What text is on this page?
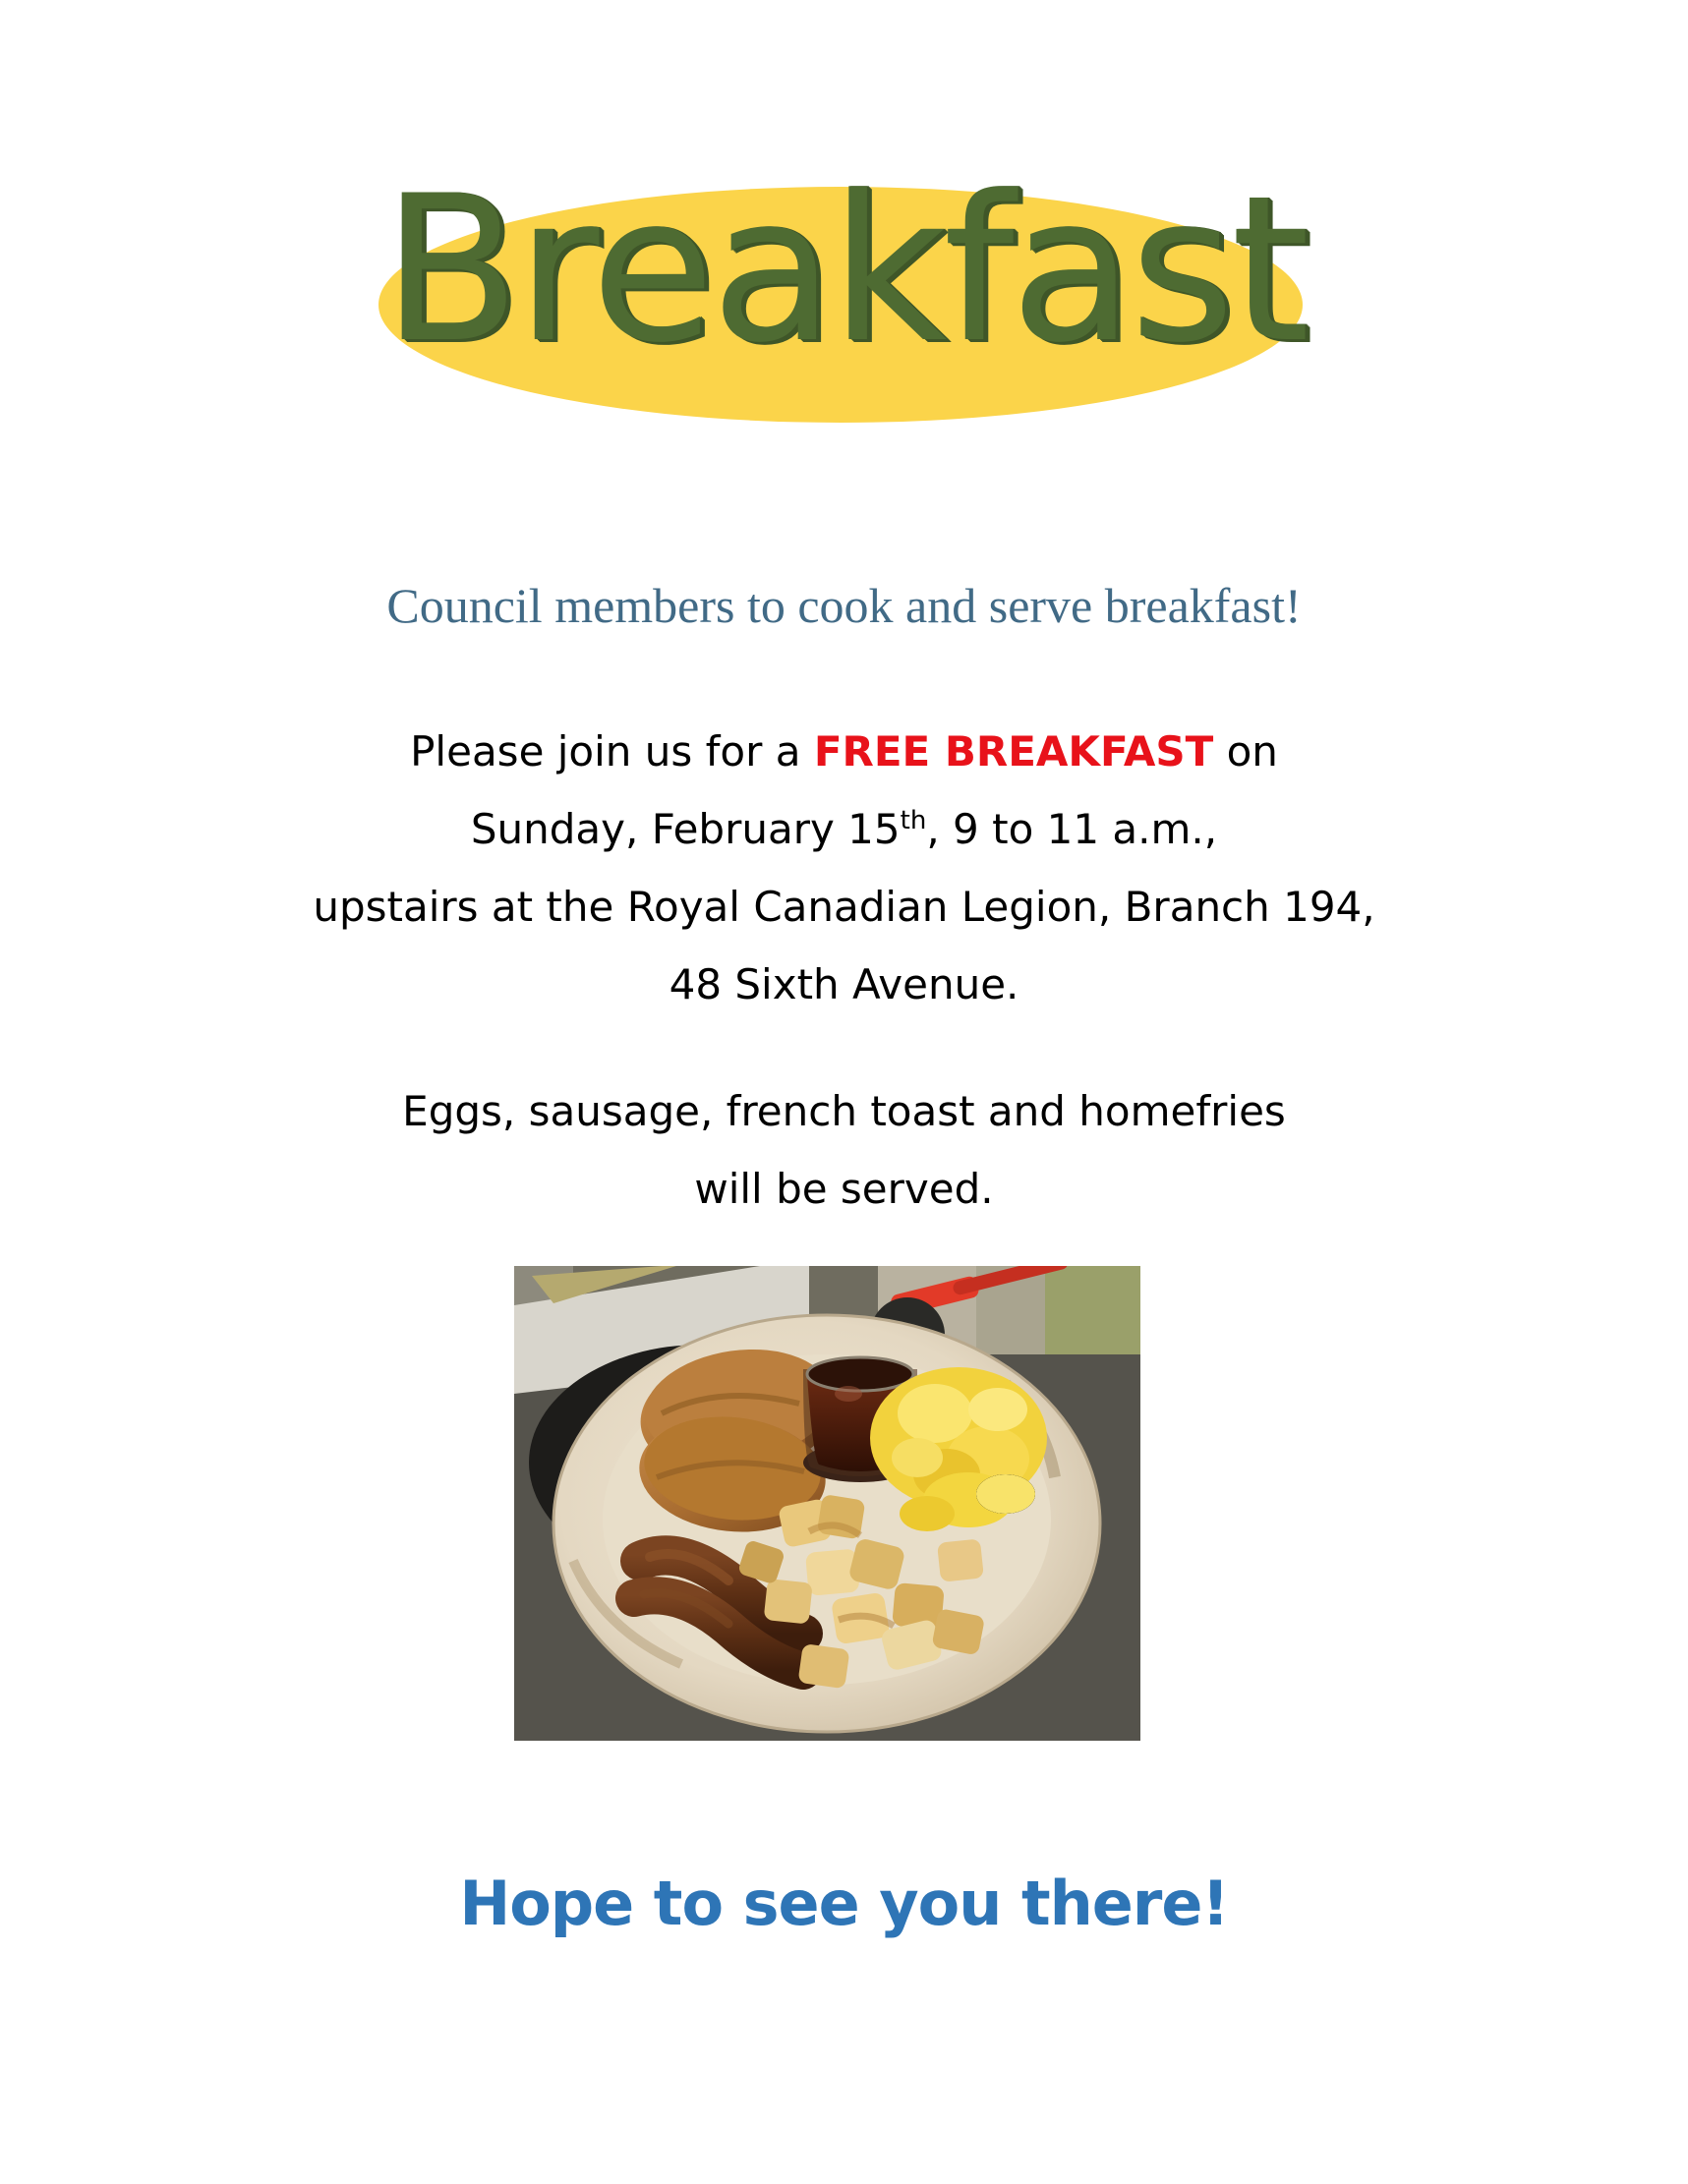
Breakfast
Council members to cook and serve breakfast!
Please join us for a FREE BREAKFAST on
Sunday, February 15th, 9 to 11 a.m.,
upstairs at the Royal Canadian Legion, Branch 194,
48 Sixth Avenue.
Eggs, sausage, french toast and homefries
will be served.
Hope to see you there!
